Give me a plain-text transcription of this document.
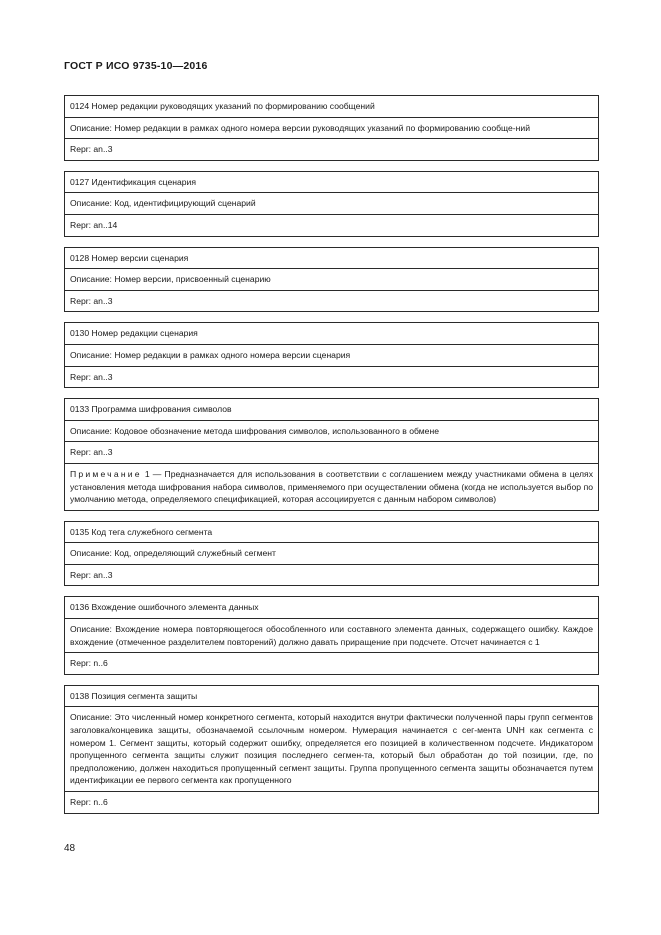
ГОСТ Р ИСО 9735-10—2016
0124 Номер редакции руководящих указаний по формированию сообщений
Описание: Номер редакции в рамках одного номера версии руководящих указаний по формированию сообще-ний
Repr: an..3
0127 Идентификация сценария
Описание: Код, идентифицирующий сценарий
Repr: an..14
0128 Номер версии сценария
Описание: Номер версии, присвоенный сценарию
Repr: an..3
0130 Номер редакции сценария
Описание: Номер редакции в рамках одного номера версии сценария
Repr: an..3
0133 Программа шифрования символов
Описание: Кодовое обозначение метода шифрования символов, использованного в обмене
Repr: an..3
Примечание 1 — Предназначается для использования в соответствии с соглашением между участниками обмена в целях установления метода шифрования набора символов, применяемого при осуществлении обмена (когда не используется выбор по умолчанию метода, определяемого спецификацией, которая ассоциируется с данным набором символов)
0135 Код тега служебного сегмента
Описание: Код, определяющий служебный сегмент
Repr: an..3
0136 Вхождение ошибочного элемента данных
Описание: Вхождение номера повторяющегося обособленного или составного элемента данных, содержащего ошибку. Каждое вхождение (отмеченное разделителем повторений) должно давать приращение при подсчете. Отсчет начинается с 1
Repr: n..6
0138 Позиция сегмента защиты
Описание: Это численный номер конкретного сегмента, который находится внутри фактически полученной пары групп сегментов заголовка/концевика защиты, обозначаемой ссылочным номером. Нумерация начинается с сег-мента UNH как сегмента с номером 1. Сегмент защиты, который содержит ошибку, определяется его позицией в количественном подсчете. Индикатором пропущенного сегмента защиты служит позиция последнего сегмен-та, который был обработан до той позиции, где, по предположению, должен находиться пропущенный сегмент защиты. Группа пропущенного сегмента защиты обозначается путем идентификации ее первого сегмента как пропущенного
Repr: n..6
48
